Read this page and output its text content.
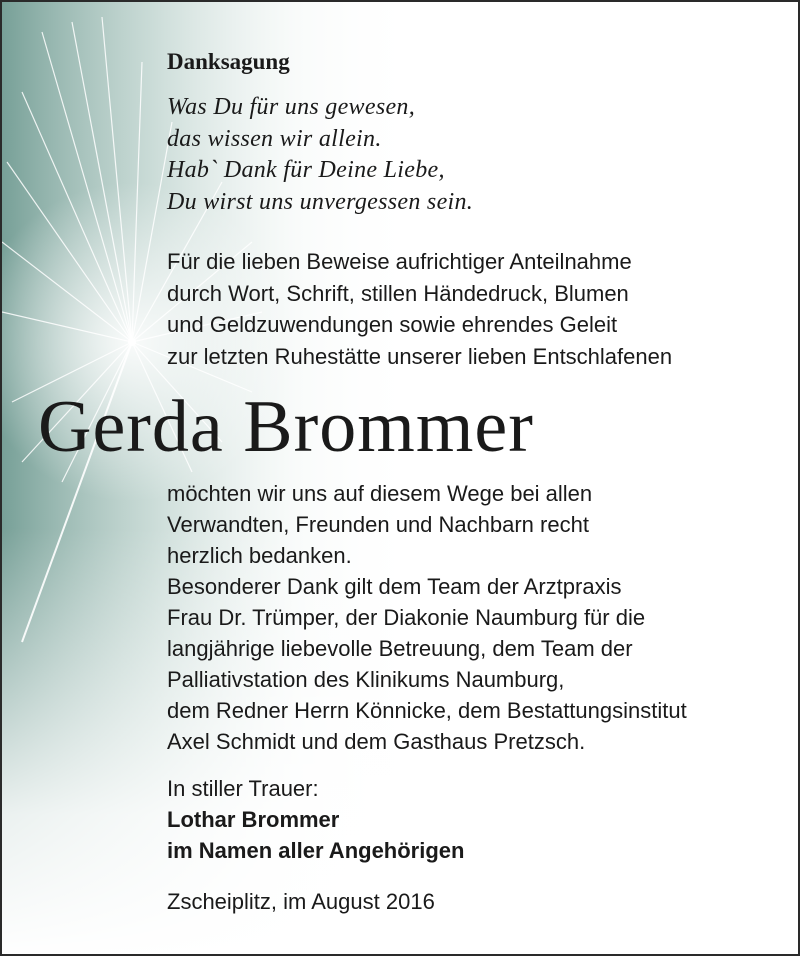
Danksagung
Was Du für uns gewesen,
das wissen wir allein.
Hab` Dank für Deine Liebe,
Du wirst uns unvergessen sein.
Für die lieben Beweise aufrichtiger Anteilnahme
durch Wort, Schrift, stillen Händedruck, Blumen
und Geldzuwendungen sowie ehrendes Geleit
zur letzten Ruhestätte unserer lieben Entschlafenen
Gerda Brommer
möchten wir uns auf diesem Wege bei allen
Verwandten, Freunden und Nachbarn recht
herzlich bedanken.
Besonderer Dank gilt dem Team der Arztpraxis
Frau Dr. Trümper, der Diakonie Naumburg für die
langjährige liebevolle Betreuung, dem Team der
Palliativstation des Klinikums Naumburg,
dem Redner Herrn Könnicke, dem Bestattungsinstitut
Axel Schmidt und dem Gasthaus Pretzsch.
In stiller Trauer:
Lothar Brommer
im Namen aller Angehörigen
Zscheiplitz, im August 2016
